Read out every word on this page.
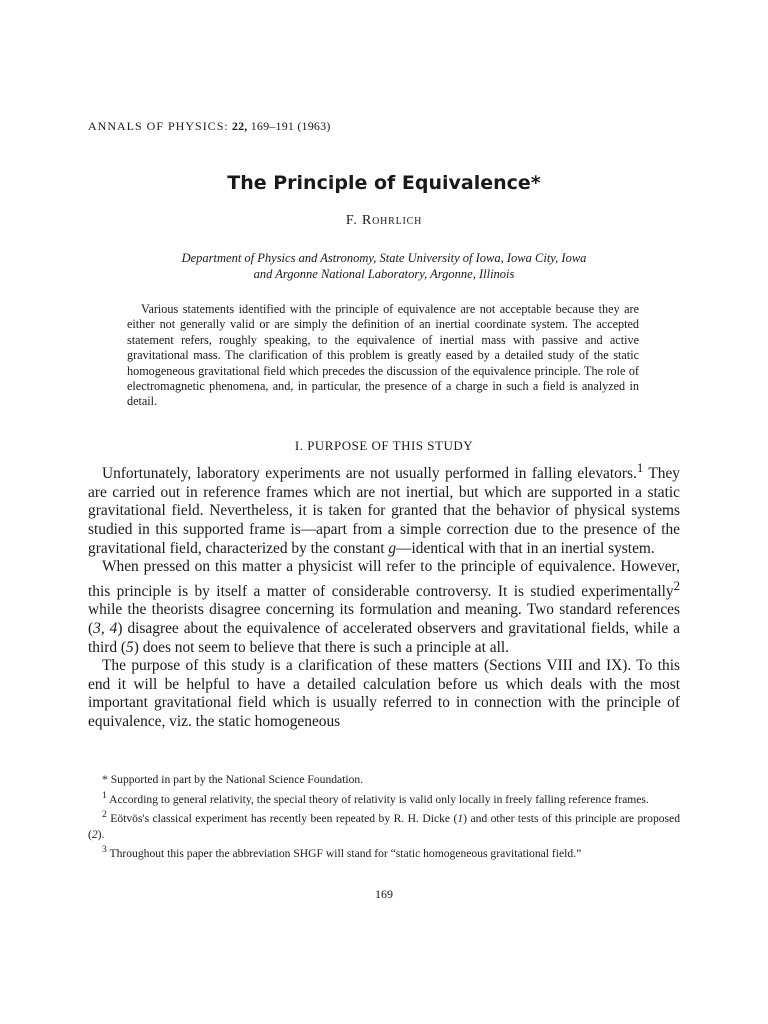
ANNALS OF PHYSICS: 22, 169–191 (1963)
The Principle of Equivalence*
F. Rohrlich
Department of Physics and Astronomy, State University of Iowa, Iowa City, Iowa
and Argonne National Laboratory, Argonne, Illinois
Various statements identified with the principle of equivalence are not acceptable because they are either not generally valid or are simply the definition of an inertial coordinate system. The accepted statement refers, roughly speaking, to the equivalence of inertial mass with passive and active gravitational mass. The clarification of this problem is greatly eased by a detailed study of the static homogeneous gravitational field which precedes the discussion of the equivalence principle. The role of electromagnetic phenomena, and, in particular, the presence of a charge in such a field is analyzed in detail.
I. PURPOSE OF THIS STUDY

Unfortunately, laboratory experiments are not usually performed in falling elevators.$^1$ They are carried out in reference frames which are not inertial, but which are supported in a static gravitational field. Nevertheless, it is taken for granted that the behavior of physical systems studied in this supported frame is—apart from a simple correction due to the presence of the gravitational field, characterized by the constant g—identical with that in an inertial system.

When pressed on this matter a physicist will refer to the principle of equivalence. However, this principle is by itself a matter of considerable controversy. It is studied experimentally$^2$ while the theorists disagree concerning its formulation and meaning. Two standard references (3, 4) disagree about the equivalence of accelerated observers and gravitational fields, while a third (5) does not seem to believe that there is such a principle at all.

The purpose of this study is a clarification of these matters (Sections VIII and IX). To this end it will be helpful to have a detailed calculation before us which deals with the most important gravitational field which is usually referred to in connection with the principle of equivalence, viz. the static homogeneous

* Supported in part by the National Science Foundation.

$^1$ According to general relativity, the special theory of relativity is valid only locally in freely falling reference frames.

$^2$ Eötvös's classical experiment has recently been repeated by R. H. Dicke (1) and other tests of this principle are proposed (2).

$^3$ Throughout this paper the abbreviation SHGF will stand for “static homogeneous gravitational field.”

169
